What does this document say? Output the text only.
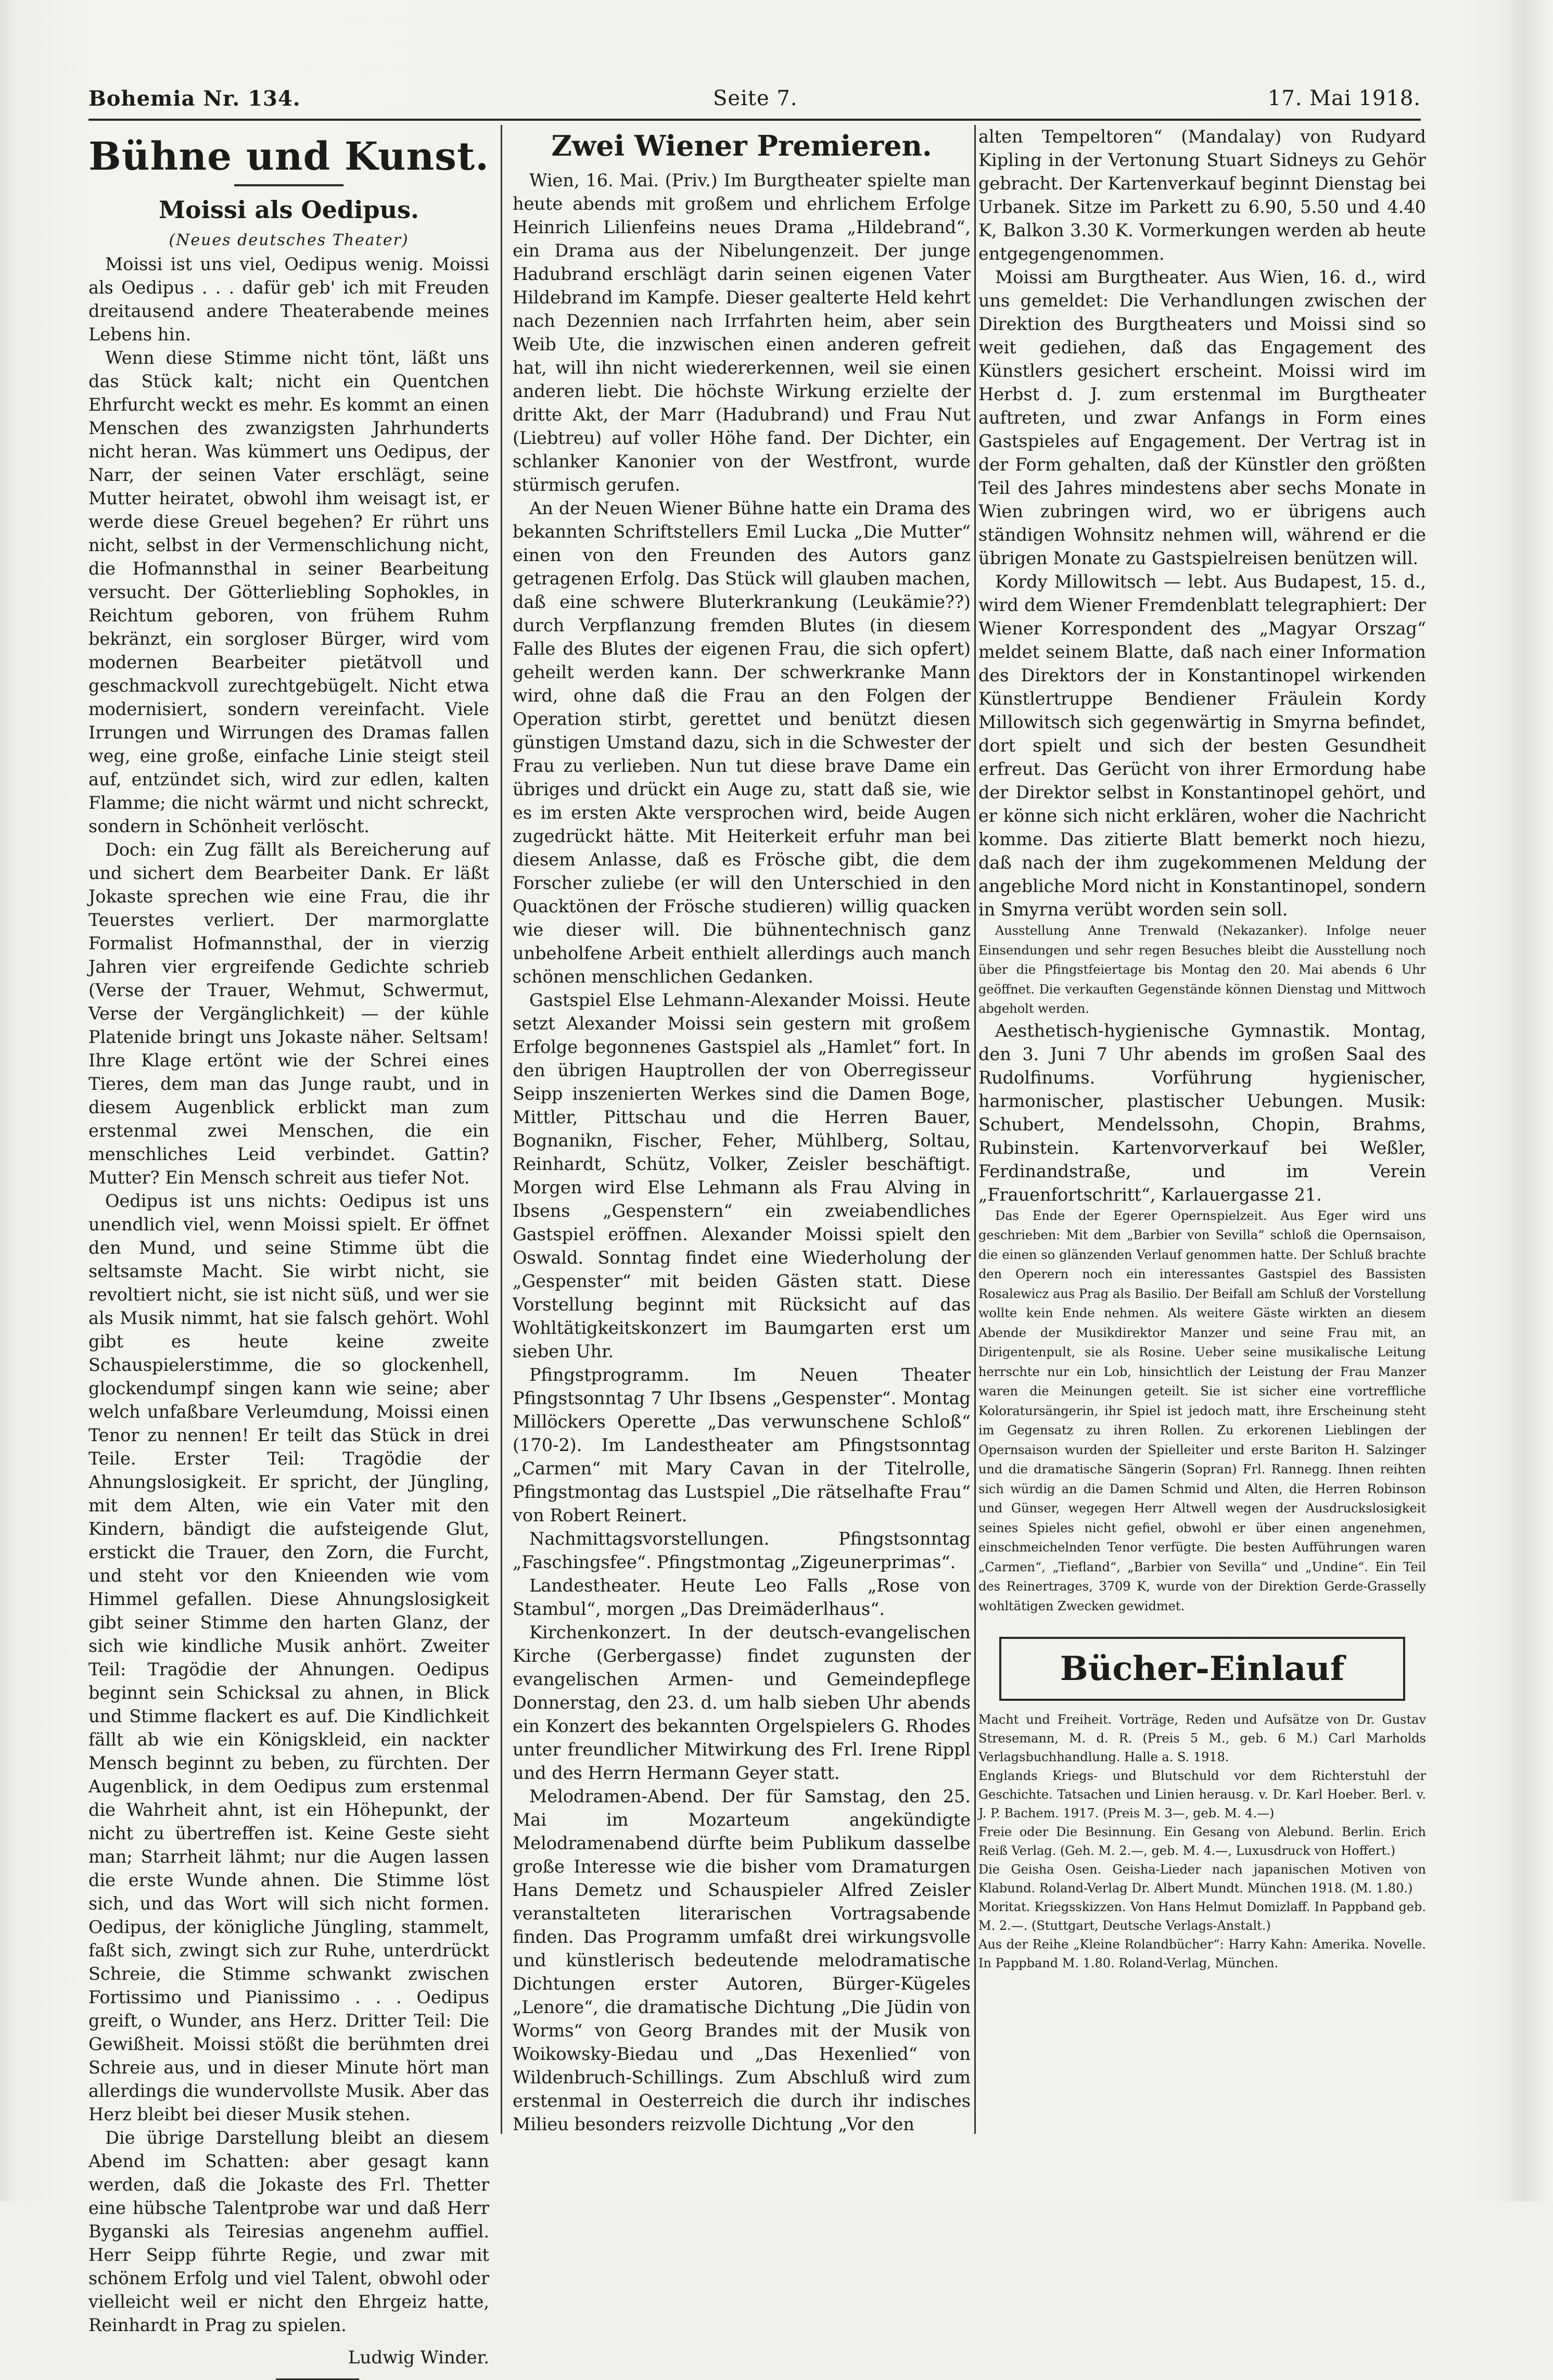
Bohemia Nr. 134.	Seite 7.	17. Mai 1918.
Bühne und Kunst.
Moissi als Oedipus.
(Neues deutsches Theater)

Moissi ist uns viel, Oedipus wenig. Moissi als Oedipus . . . dafür geb' ich mit Freuden dreitausend andere Theaterabende meines Lebens hin.

Wenn diese Stimme nicht tönt, läßt uns das Stück kalt; nicht ein Quentchen Ehrfurcht weckt es mehr. Es kommt an einen Menschen des zwanzigsten Jahrhunderts nicht heran. Was kümmert uns Oedipus, der Narr, der seinen Vater erschlägt, seine Mutter heiratet, obwohl ihm weisagt ist, er werde diese Greuel begehen? Er rührt uns nicht, selbst in der Vermenschlichung nicht, die Hofmannsthal in seiner Bearbeitung versucht. Der Götterliebling Sophokles, in Reichtum geboren, von frühem Ruhm bekränzt, ein sorgloser Bürger, wird vom modernen Bearbeiter pietätvoll und geschmackvoll zurechtgebügelt. Nicht etwa modernisiert, sondern vereinfacht. Viele Irrungen und Wirrungen des Dramas fallen weg, eine große, einfache Linie steigt steil auf, entzündet sich, wird zur edlen, kalten Flamme; die nicht wärmt und nicht schreckt, sondern in Schönheit verlöscht.

Doch: ein Zug fällt als Bereicherung auf und sichert dem Bearbeiter Dank. Er läßt Jokaste sprechen wie eine Frau, die ihr Teuerstes verliert. Der marmorglatte Formalist Hofmannsthal, der in vierzig Jahren vier ergreifende Gedichte schrieb (Verse der Trauer, Wehmut, Schwermut, Verse der Vergänglichkeit) — der kühle Platenide bringt uns Jokaste näher. Seltsam! Ihre Klage ertönt wie der Schrei eines Tieres, dem man das Junge raubt, und in diesem Augenblick erblickt man zum erstenmal zwei Menschen, die ein menschliches Leid verbindet. Gattin? Mutter? Ein Mensch schreit aus tiefer Not.

Oedipus ist uns nichts: Oedipus ist uns unendlich viel, wenn Moissi spielt. Er öffnet den Mund, und seine Stimme übt die seltsamste Macht. Sie wirbt nicht, sie revoltiert nicht, sie ist nicht süß, und wer sie als Musik nimmt, hat sie falsch gehört. Wohl gibt es heute keine zweite Schauspielerstimme, die so glockenhell, glockendumpf singen kann wie seine; aber welch unfaßbare Verleumdung, Moissi einen Tenor zu nennen! Er teilt das Stück in drei Teile. Erster Teil: Tragödie der Ahnungslosigkeit. Er spricht, der Jüngling, mit dem Alten, wie ein Vater mit den Kindern, bändigt die aufsteigende Glut, erstickt die Trauer, den Zorn, die Furcht, und steht vor den Knieenden wie vom Himmel gefallen. Diese Ahnungslosigkeit gibt seiner Stimme den harten Glanz, der sich wie kindliche Musik anhört. Zweiter Teil: Tragödie der Ahnungen. Oedipus beginnt sein Schicksal zu ahnen, in Blick und Stimme flackert es auf. Die Kindlichkeit fällt ab wie ein Königskleid, ein nackter Mensch beginnt zu beben, zu fürchten. Der Augenblick, in dem Oedipus zum erstenmal die Wahrheit ahnt, ist ein Höhepunkt, der nicht zu übertreffen ist. Keine Geste sieht man; Starrheit lähmt; nur die Augen lassen die erste Wunde ahnen. Die Stimme löst sich, und das Wort will sich nicht formen. Oedipus, der königliche Jüngling, stammelt, faßt sich, zwingt sich zur Ruhe, unterdrückt Schreie, die Stimme schwankt zwischen Fortissimo und Pianissimo . . . Oedipus greift, o Wunder, ans Herz. Dritter Teil: Die Gewißheit. Moissi stößt die berühmten drei Schreie aus, und in dieser Minute hört man allerdings die wundervollste Musik. Aber das Herz bleibt bei dieser Musik stehen.

Die übrige Darstellung bleibt an diesem Abend im Schatten: aber gesagt kann werden, daß die Jokaste des Frl. Thetter eine hübsche Talentprobe war und daß Herr Byganski als Teiresias angenehm auffiel. Herr Seipp führte Regie, und zwar mit schönem Erfolg und viel Talent, obwohl oder vielleicht weil er nicht den Ehrgeiz hatte, Reinhardt in Prag zu spielen.

Ludwig Winder.
Zwei Wiener Premieren.

Wien, 16. Mai. (Priv.) Im Burgtheater spielte man heute abends mit großem und ehrlichem Erfolge Heinrich Lilienfeins neues Drama „Hildebrand“, ein Drama aus der Nibelungenzeit. Der junge Hadubrand erschlägt darin seinen eigenen Vater Hildebrand im Kampfe. Dieser gealterte Held kehrt nach Dezennien nach Irrfahrten heim, aber sein Weib Ute, die inzwischen einen anderen gefreit hat, will ihn nicht wiedererkennen, weil sie einen anderen liebt. Die höchste Wirkung erzielte der dritte Akt, der Marr (Hadubrand) und Frau Nut (Liebtreu) auf voller Höhe fand. Der Dichter, ein schlanker Kanonier von der Westfront, wurde stürmisch gerufen.

An der Neuen Wiener Bühne hatte ein Drama des bekannten Schriftstellers Emil Lucka „Die Mutter“ einen von den Freunden des Autors ganz getragenen Erfolg. Das Stück will glauben machen, daß eine schwere Bluterkrankung (Leukämie??) durch Verpflanzung fremden Blutes (in diesem Falle des Blutes der eigenen Frau, die sich opfert) geheilt werden kann. Der schwerkranke Mann wird, ohne daß die Frau an den Folgen der Operation stirbt, gerettet und benützt diesen günstigen Umstand dazu, sich in die Schwester der Frau zu verlieben. Nun tut diese brave Dame ein übriges und drückt ein Auge zu, statt daß sie, wie es im ersten Akte versprochen wird, beide Augen zugedrückt hätte. Mit Heiterkeit erfuhr man bei diesem Anlasse, daß es Frösche gibt, die dem Forscher zuliebe (er will den Unterschied in den Quacktönen der Frösche studieren) willig quacken wie dieser will. Die bühnentechnisch ganz unbeholfene Arbeit enthielt allerdings auch manch schönen menschlichen Gedanken.

Gastspiel Else Lehmann-Alexander Moissi. Heute setzt Alexander Moissi sein gestern mit großem Erfolge begonnenes Gastspiel als „Hamlet“ fort. In den übrigen Hauptrollen der von Oberregisseur Seipp inszenierten Werkes sind die Damen Boge, Mittler, Pittschau und die Herren Bauer, Bognanikn, Fischer, Feher, Mühlberg, Soltau, Reinhardt, Schütz, Volker, Zeisler beschäftigt. Morgen wird Else Lehmann als Frau Alving in Ibsens „Gespenstern“ ein zweiabendliches Gastspiel eröffnen. Alexander Moissi spielt den Oswald. Sonntag findet eine Wiederholung der „Gespenster“ mit beiden Gästen statt. Diese Vorstellung beginnt mit Rücksicht auf das Wohltätigkeitskonzert im Baumgarten erst um sieben Uhr.

Pfingstprogramm. Im Neuen Theater Pfingstsonntag 7 Uhr Ibsens „Gespenster“. Montag Millöckers Operette „Das verwunschene Schloß“ (170-2). Im Landestheater am Pfingstsonntag „Carmen“ mit Mary Cavan in der Titelrolle, Pfingstmontag das Lustspiel „Die rätselhafte Frau“ von Robert Reinert.

Nachmittagsvorstellungen. Pfingstsonntag „Faschingsfee“. Pfingstmontag „Zigeunerprimas“.

Landestheater. Heute Leo Falls „Rose von Stambul“, morgen „Das Dreimäderlhaus“.

Kirchenkonzert. In der deutsch-evangelischen Kirche (Gerbergasse) findet zugunsten der evangelischen Armen- und Gemeindepflege Donnerstag, den 23. d. um halb sieben Uhr abends ein Konzert des bekannten Orgelspielers G. Rhodes unter freundlicher Mitwirkung des Frl. Irene Rippl und des Herrn Hermann Geyer statt.

Melodramen-Abend. Der für Samstag, den 25. Mai im Mozarteum angekündigte Melodramenabend dürfte beim Publikum dasselbe große Interesse wie die bisher vom Dramaturgen Hans Demetz und Schauspieler Alfred Zeisler veranstalteten literarischen Vortragsabende finden. Das Programm umfaßt drei wirkungsvolle und künstlerisch bedeutende melodramatische Dichtungen erster Autoren, Bürger-Kügeles „Lenore“, die dramatische Dichtung „Die Jüdin von Worms“ von Georg Brandes mit der Musik von Woikowsky-Biedau und „Das Hexenlied“ von Wildenbruch-Schillings. Zum Abschluß wird zum erstenmal in Oesterreich die durch ihr indisches Milieu besonders reizvolle Dichtung „Vor den

alten Tempeltoren“ (Mandalay) von Rudyard Kipling in der Vertonung Stuart Sidneys zu Gehör gebracht. Der Kartenverkauf beginnt Dienstag bei Urbanek. Sitze im Parkett zu 6.90, 5.50 und 4.40 K, Balkon 3.30 K. Vormerkungen werden ab heute entgegengenommen.

Moissi am Burgtheater. Aus Wien, 16. d., wird uns gemeldet: Die Verhandlungen zwischen der Direktion des Burgtheaters und Moissi sind so weit gediehen, daß das Engagement des Künstlers gesichert erscheint. Moissi wird im Herbst d. J. zum erstenmal im Burgtheater auftreten, und zwar Anfangs in Form eines Gastspieles auf Engagement. Der Vertrag ist in der Form gehalten, daß der Künstler den größten Teil des Jahres mindestens aber sechs Monate in Wien zubringen wird, wo er übrigens auch ständigen Wohnsitz nehmen will, während er die übrigen Monate zu Gastspielreisen benützen will.

Kordy Millowitsch — lebt. Aus Budapest, 15. d., wird dem Wiener Fremdenblatt telegraphiert: Der Wiener Korrespondent des „Magyar Orszag“ meldet seinem Blatte, daß nach einer Information des Direktors der in Konstantinopel wirkenden Künstlertruppe Bendiener Fräulein Kordy Millowitsch sich gegenwärtig in Smyrna befindet, dort spielt und sich der besten Gesundheit erfreut. Das Gerücht von ihrer Ermordung habe der Direktor selbst in Konstantinopel gehört, und er könne sich nicht erklären, woher die Nachricht komme. Das zitierte Blatt bemerkt noch hiezu, daß nach der ihm zugekommenen Meldung der angebliche Mord nicht in Konstantinopel, sondern in Smyrna verübt worden sein soll.

Ausstellung Anne Trenwald (Nekazanker). Infolge neuer Einsendungen und sehr regen Besuches bleibt die Ausstellung noch über die Pfingstfeiertage bis Montag den 20. Mai abends 6 Uhr geöffnet. Die verkauften Gegenstände können Dienstag und Mittwoch abgeholt werden.

Aesthetisch-hygienische Gymnastik. Montag, den 3. Juni 7 Uhr abends im großen Saal des Rudolfinums. Vorführung hygienischer, harmonischer, plastischer Uebungen. Musik: Schubert, Mendelssohn, Chopin, Brahms, Rubinstein. Kartenvorverkauf bei Weßler, Ferdinandstraße, und im Verein „Frauenfortschritt“, Karlauergasse 21.

Das Ende der Egerer Opernspielzeit. Aus Eger wird uns geschrieben: Mit dem „Barbier von Sevilla“ schloß die Opernsaison, die einen so glänzenden Verlauf genommen hatte. Der Schluß brachte den Operern noch ein interessantes Gastspiel des Bassisten Rosalewicz aus Prag als Basilio. Der Beifall am Schluß der Vorstellung wollte kein Ende nehmen. Als weitere Gäste wirkten an diesem Abende der Musikdirektor Manzer und seine Frau mit, an Dirigentenpult, sie als Rosine. Ueber seine musikalische Leitung herrschte nur ein Lob, hinsichtlich der Leistung der Frau Manzer waren die Meinungen geteilt. Sie ist sicher eine vortreffliche Koloratursängerin, ihr Spiel ist jedoch matt, ihre Erscheinung steht im Gegensatz zu ihren Rollen. Zu erkorenen Lieblingen der Opernsaison wurden der Spielleiter und erste Bariton H. Salzinger und die dramatische Sängerin (Sopran) Frl. Rannegg. Ihnen reihten sich würdig an die Damen Schmid und Alten, die Herren Robinson und Günser, wegegen Herr Altwell wegen der Ausdruckslosigkeit seines Spieles nicht gefiel, obwohl er über einen angenehmen, einschmeichelnden Tenor verfügte. Die besten Aufführungen waren „Carmen“, „Tiefland“, „Barbier von Sevilla“ und „Undine“. Ein Teil des Reinertrages, 3709 K, wurde von der Direktion Gerde-Grasselly wohltätigen Zwecken gewidmet.

Bücher-Einlauf

Macht und Freiheit. Vorträge, Reden und Aufsätze von Dr. Gustav Stresemann, M. d. R. (Preis 5 M., geb. 6 M.) Carl Marholds Verlagsbuchhandlung. Halle a. S. 1918.

Englands Kriegs- und Blutschuld vor dem Richterstuhl der Geschichte. Tatsachen und Linien herausg. v. Dr. Karl Hoeber. Berl. v. J. P. Bachem. 1917. (Preis M. 3—, geb. M. 4.—)

Freie oder Die Besinnung. Ein Gesang von Alebund. Berlin. Erich Reiß Verlag. (Geh. M. 2.—, geb. M. 4.—, Luxusdruck von Hoffert.)

Die Geisha Osen. Geisha-Lieder nach japanischen Motiven von Klabund. Roland-Verlag Dr. Albert Mundt. München 1918. (M. 1.80.)

Moritat. Kriegsskizzen. Von Hans Helmut Domizlaff. In Pappband geb. M. 2.—. (Stuttgart, Deutsche Verlags-Anstalt.)

Aus der Reihe „Kleine Rolandbücher“: Harry Kahn: Amerika. Novelle. In Pappband M. 1.80. Roland-Verlag, München.
